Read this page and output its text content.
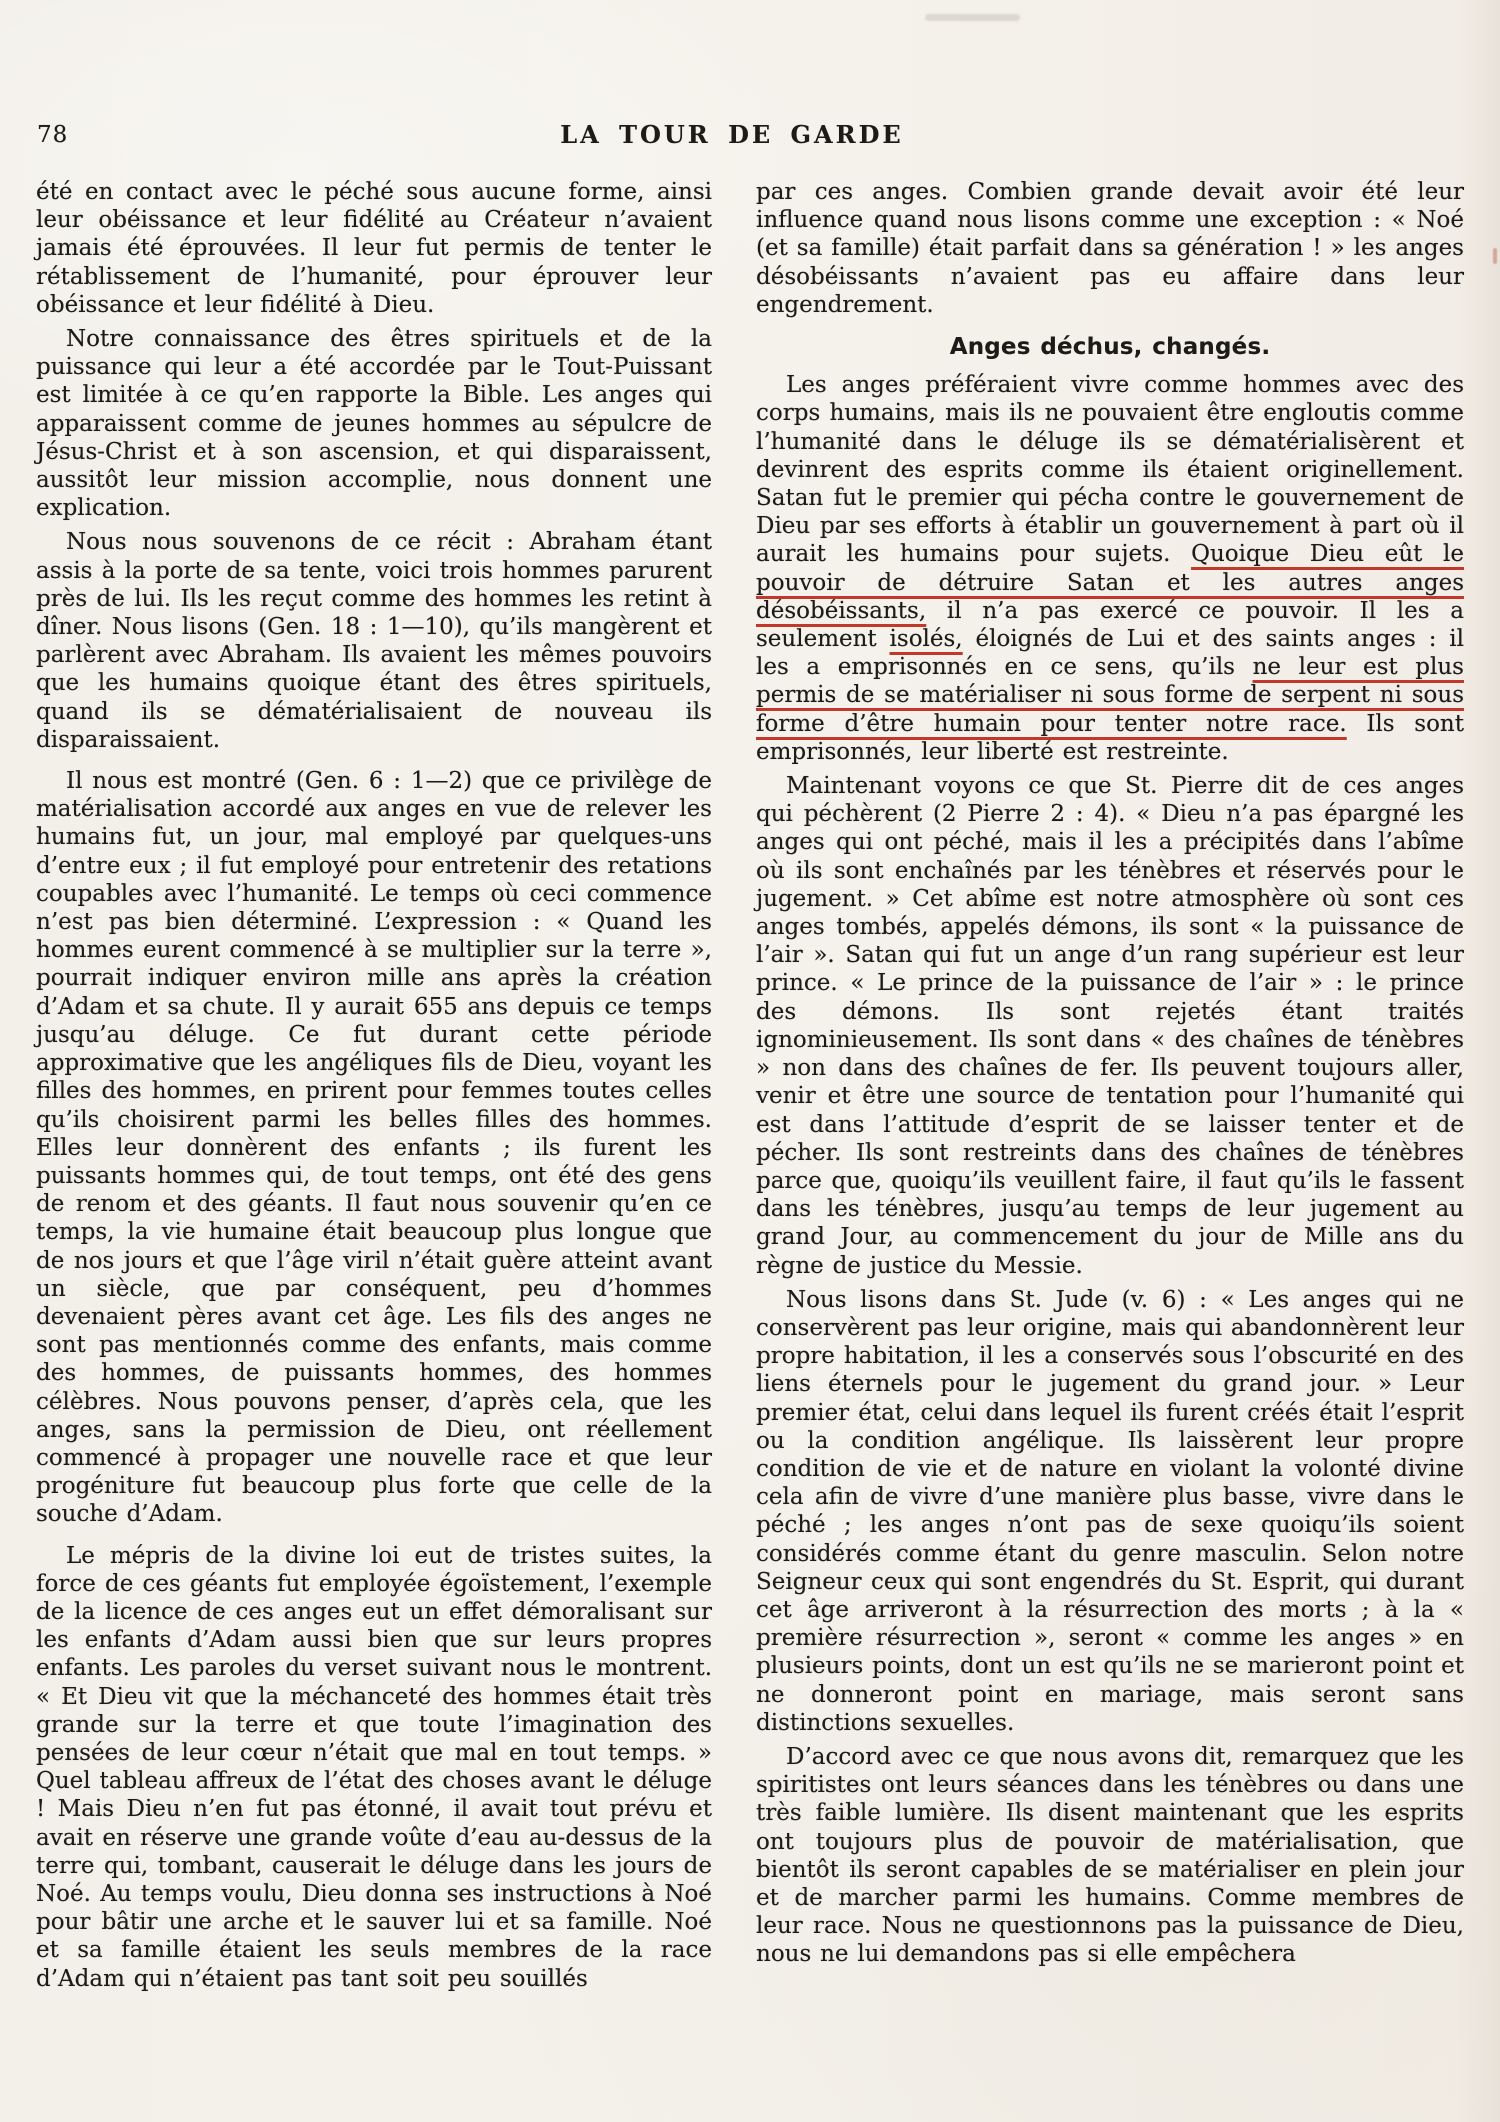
78	LA TOUR DE GARDE

été en contact avec le péché sous aucune forme, ainsi leur obéissance et leur fidélité au Créateur n’avaient jamais été éprouvées. Il leur fut permis de tenter le rétablissement de l’humanité, pour éprouver leur obéissance et leur fidélité à Dieu.

Notre connaissance des êtres spirituels et de la puissance qui leur a été accordée par le Tout-Puissant est limitée à ce qu’en rapporte la Bible. Les anges qui apparaissent comme de jeunes hommes au sépulcre de Jésus-Christ et à son ascension, et qui disparaissent, aussitôt leur mission accomplie, nous donnent une explication.

Nous nous souvenons de ce récit : Abraham étant assis à la porte de sa tente, voici trois hommes parurent près de lui. Ils les reçut comme des hommes les retint à dîner. Nous lisons (Gen. 18 : 1—10), qu’ils mangèrent et parlèrent avec Abraham. Ils avaient les mêmes pouvoirs que les humains quoique étant des êtres spirituels, quand ils se dématérialisaient de nouveau ils disparaissaient.

Il nous est montré (Gen. 6 : 1—2) que ce privilège de matérialisation accordé aux anges en vue de relever les humains fut, un jour, mal employé par quelques-uns d’entre eux ; il fut employé pour entretenir des retations coupables avec l’humanité. Le temps où ceci commence n’est pas bien déterminé. L’expression : « Quand les hommes eurent commencé à se multiplier sur la terre », pourrait indiquer environ mille ans après la création d’Adam et sa chute. Il y aurait 655 ans depuis ce temps jusqu’au déluge. Ce fut durant cette période approximative que les angéliques fils de Dieu, voyant les filles des hommes, en prirent pour femmes toutes celles qu’ils choisirent parmi les belles filles des hommes. Elles leur donnèrent des enfants ; ils furent les puissants hommes qui, de tout temps, ont été des gens de renom et des géants. Il faut nous souvenir qu’en ce temps, la vie humaine était beaucoup plus longue que de nos jours et que l’âge viril n’était guère atteint avant un siècle, que par conséquent, peu d’hommes devenaient pères avant cet âge. Les fils des anges ne sont pas mentionnés comme des enfants, mais comme des hommes, de puissants hommes, des hommes célèbres. Nous pouvons penser, d’après cela, que les anges, sans la permission de Dieu, ont réellement commencé à propager une nouvelle race et que leur progéniture fut beaucoup plus forte que celle de la souche d’Adam.

Le mépris de la divine loi eut de tristes suites, la force de ces géants fut employée égoïstement, l’exemple de la licence de ces anges eut un effet démoralisant sur les enfants d’Adam aussi bien que sur leurs propres enfants. Les paroles du verset suivant nous le montrent. « Et Dieu vit que la méchanceté des hommes était très grande sur la terre et que toute l’imagination des pensées de leur cœur n’était que mal en tout temps. » Quel tableau affreux de l’état des choses avant le déluge ! Mais Dieu n’en fut pas étonné, il avait tout prévu et avait en réserve une grande voûte d’eau au-dessus de la terre qui, tombant, causerait le déluge dans les jours de Noé. Au temps voulu, Dieu donna ses instructions à Noé pour bâtir une arche et le sauver lui et sa famille. Noé et sa famille étaient les seuls membres de la race d’Adam qui n’étaient pas tant soit peu souillés

par ces anges. Combien grande devait avoir été leur influence quand nous lisons comme une exception : « Noé (et sa famille) était parfait dans sa génération ! » les anges désobéissants n’avaient pas eu affaire dans leur engendrement.

Anges déchus, changés.

Les anges préféraient vivre comme hommes avec des corps humains, mais ils ne pouvaient être engloutis comme l’humanité dans le déluge ils se dématérialisèrent et devinrent des esprits comme ils étaient originellement. Satan fut le premier qui pécha contre le gouvernement de Dieu par ses efforts à établir un gouvernement à part où il aurait les humains pour sujets. Quoique Dieu eût le pouvoir de détruire Satan et les autres anges désobéissants, il n’a pas exercé ce pouvoir. Il les a seulement isolés, éloignés de Lui et des saints anges : il les a emprisonnés en ce sens, qu’ils ne leur est plus permis de se matérialiser ni sous forme de serpent ni sous forme d’être humain pour tenter notre race. Ils sont emprisonnés, leur liberté est restreinte.

Maintenant voyons ce que St. Pierre dit de ces anges qui péchèrent (2 Pierre 2 : 4). « Dieu n’a pas épargné les anges qui ont péché, mais il les a précipités dans l’abîme où ils sont enchaînés par les ténèbres et réservés pour le jugement. » Cet abîme est notre atmosphère où sont ces anges tombés, appelés démons, ils sont « la puissance de l’air ». Satan qui fut un ange d’un rang supérieur est leur prince. « Le prince de la puissance de l’air » : le prince des démons. Ils sont rejetés étant traités ignominieusement. Ils sont dans « des chaînes de ténèbres » non dans des chaînes de fer. Ils peuvent toujours aller, venir et être une source de tentation pour l’humanité qui est dans l’attitude d’esprit de se laisser tenter et de pécher. Ils sont restreints dans des chaînes de ténèbres parce que, quoiqu’ils veuillent faire, il faut qu’ils le fassent dans les ténèbres, jusqu’au temps de leur jugement au grand Jour, au commencement du jour de Mille ans du règne de justice du Messie.

Nous lisons dans St. Jude (v. 6) : « Les anges qui ne conservèrent pas leur origine, mais qui abandonnèrent leur propre habitation, il les a conservés sous l’obscurité en des liens éternels pour le jugement du grand jour. » Leur premier état, celui dans lequel ils furent créés était l’esprit ou la condition angélique. Ils laissèrent leur propre condition de vie et de nature en violant la volonté divine cela afin de vivre d’une manière plus basse, vivre dans le péché ; les anges n’ont pas de sexe quoiqu’ils soient considérés comme étant du genre masculin. Selon notre Seigneur ceux qui sont engendrés du St. Esprit, qui durant cet âge arriveront à la résurrection des morts ; à la « première résurrection », seront « comme les anges » en plusieurs points, dont un est qu’ils ne se marieront point et ne donneront point en mariage, mais seront sans distinctions sexuelles.

D’accord avec ce que nous avons dit, remarquez que les spiritistes ont leurs séances dans les ténèbres ou dans une très faible lumière. Ils disent maintenant que les esprits ont toujours plus de pouvoir de matérialisation, que bientôt ils seront capables de se matérialiser en plein jour et de marcher parmi les humains. Comme membres de leur race. Nous ne questionnons pas la puissance de Dieu, nous ne lui demandons pas si elle empêchera
